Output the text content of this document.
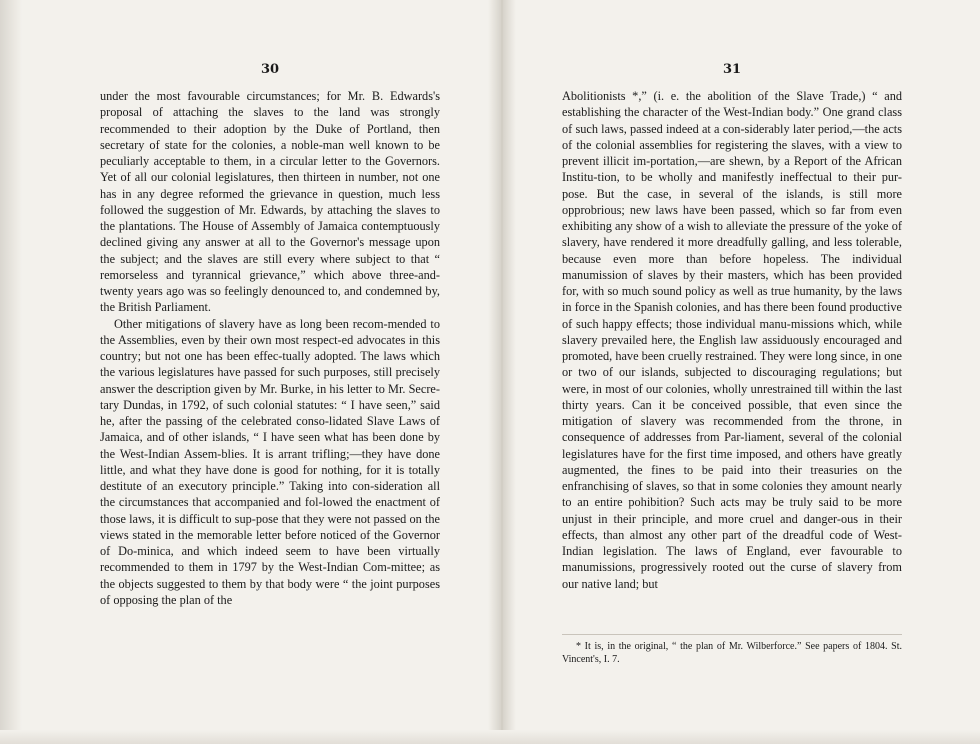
30

under the most favourable circumstances; for Mr. B. Edwards's proposal of attaching the slaves to the land was strongly recommended to their adoption by the Duke of Portland, then secretary of state for the colonies, a noble-man well known to be peculiarly acceptable to them, in a circular letter to the Governors. Yet of all our colonial legislatures, then thirteen in number, not one has in any degree reformed the grievance in question, much less followed the suggestion of Mr. Edwards, by attaching the slaves to the plantations. The House of Assembly of Jamaica contemptuously declined giving any answer at all to the Governor's message upon the subject; and the slaves are still every where subject to that “ remorseless and tyrannical grievance,” which above three-and-twenty years ago was so feelingly denounced to, and condemned by, the British Parliament.

Other mitigations of slavery have as long been recom-mended to the Assemblies, even by their own most respect-ed advocates in this country; but not one has been effec-tually adopted. The laws which the various legislatures have passed for such purposes, still precisely answer the description given by Mr. Burke, in his letter to Mr. Secre-tary Dundas, in 1792, of such colonial statutes: “ I have seen,” said he, after the passing of the celebrated conso-lidated Slave Laws of Jamaica, and of other islands, “ I have seen what has been done by the West-Indian Assem-blies. It is arrant trifling;—they have done little, and what they have done is good for nothing, for it is totally destitute of an executory principle.” Taking into con-sideration all the circumstances that accompanied and fol-lowed the enactment of those laws, it is difficult to sup-pose that they were not passed on the views stated in the memorable letter before noticed of the Governor of Do-minica, and which indeed seem to have been virtually recommended to them in 1797 by the West-Indian Com-mittee; as the objects suggested to them by that body were “ the joint purposes of opposing the plan of the

31

Abolitionists *,” (i. e. the abolition of the Slave Trade,) “ and establishing the character of the West-Indian body.” One grand class of such laws, passed indeed at a con-siderably later period,—the acts of the colonial assemblies for registering the slaves, with a view to prevent illicit im-portation,—are shewn, by a Report of the African Institu-tion, to be wholly and manifestly ineffectual to their pur-pose. But the case, in several of the islands, is still more opprobrious; new laws have been passed, which so far from even exhibiting any show of a wish to alleviate the pressure of the yoke of slavery, have rendered it more dreadfully galling, and less tolerable, because even more than before hopeless. The individual manumission of slaves by their masters, which has been provided for, with so much sound policy as well as true humanity, by the laws in force in the Spanish colonies, and has there been found productive of such happy effects; those individual manu-missions which, while slavery prevailed here, the English law assiduously encouraged and promoted, have been cruelly restrained. They were long since, in one or two of our islands, subjected to discouraging regulations; but were, in most of our colonies, wholly unrestrained till within the last thirty years. Can it be conceived possible, that even since the mitigation of slavery was recommended from the throne, in consequence of addresses from Par-liament, several of the colonial legislatures have for the first time imposed, and others have greatly augmented, the fines to be paid into their treasuries on the enfranchising of slaves, so that in some colonies they amount nearly to an entire pohibition? Such acts may be truly said to be more unjust in their principle, and more cruel and danger-ous in their effects, than almost any other part of the dreadful code of West-Indian legislation. The laws of England, ever favourable to manumissions, progressively rooted out the curse of slavery from our native land; but

* It is, in the original, “ the plan of Mr. Wilberforce.” See papers of 1804. St. Vincent's, I. 7.
